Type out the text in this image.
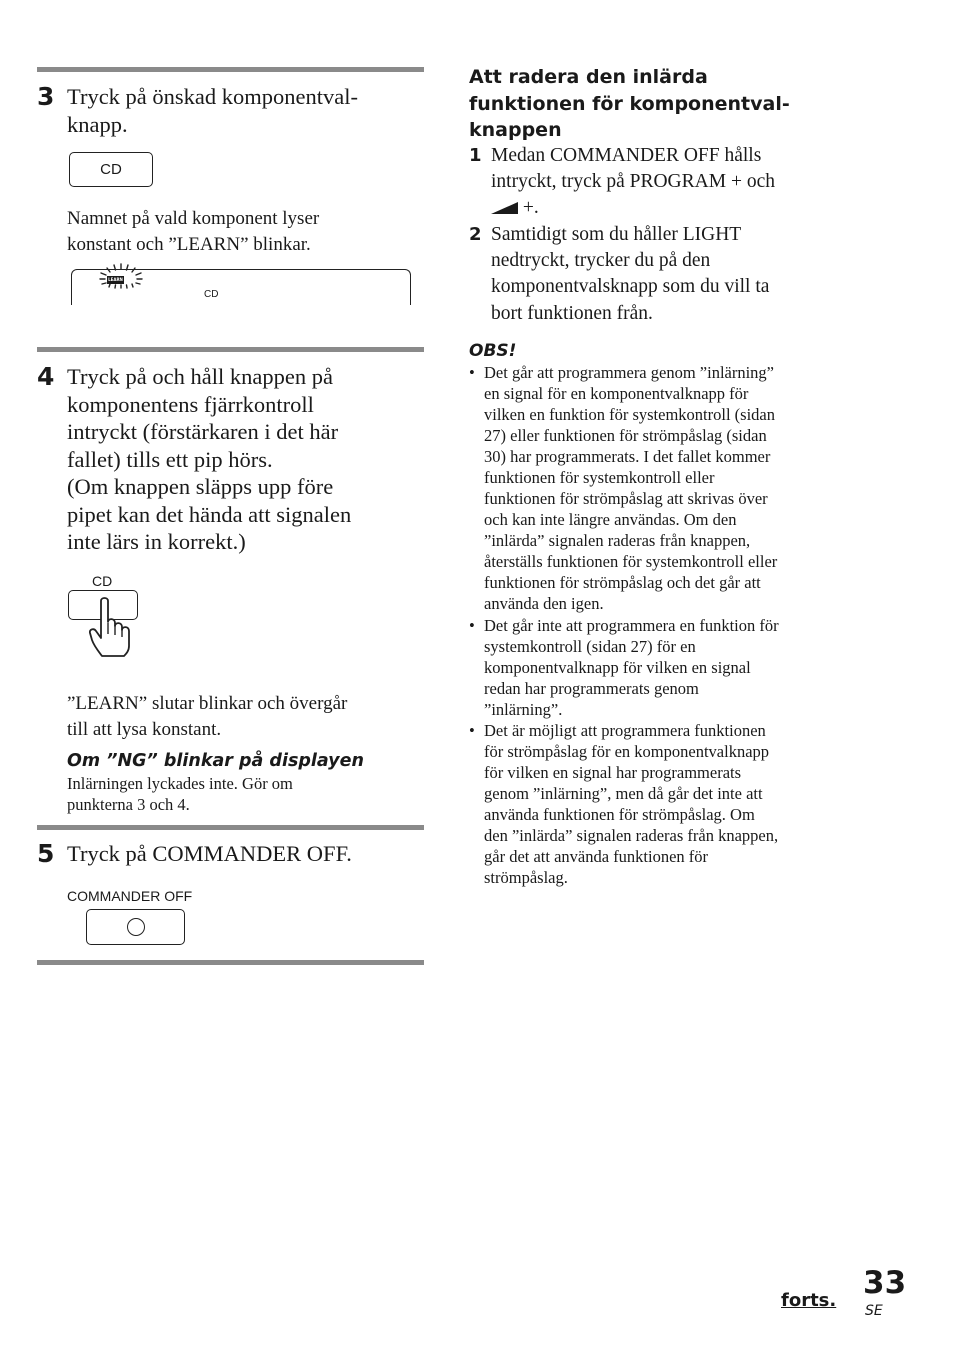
3 Tryck på önskad komponentval-
knapp.
CD
Namnet på vald komponent lyser
konstant och ”LEARN” blinkar.
LEARN
CD
4 Tryck på och håll knappen på
komponentens fjärrkontroll
intryckt (förstärkaren i det här
fallet) tills ett pip hörs.
(Om knappen släpps upp före
pipet kan det hända att signalen
inte lärs in korrekt.)
CD
”LEARN” slutar blinkar och övergår
till att lysa konstant.
Om ”NG” blinkar på displayen
Inlärningen lyckades inte. Gör om
punkterna 3 och 4.
5 Tryck på COMMANDER OFF.
COMMANDER OFF
Att radera den inlärda
funktionen för komponentval-
knappen
1 Medan COMMANDER OFF hålls
intryckt, tryck på PROGRAM + och
+.
2 Samtidigt som du håller LIGHT
nedtryckt, trycker du på den
komponentvalsknapp som du vill ta
bort funktionen från.
OBS!
• Det går att programmera genom ”inlärning”
en signal för en komponentvalknapp för
vilken en funktion för systemkontroll (sidan
27) eller funktionen för strömpåslag (sidan
30) har programmerats. I det fallet kommer
funktionen för systemkontroll eller
funktionen för strömpåslag att skrivas över
och kan inte längre användas. Om den
”inlärda” signalen raderas från knappen,
återställs funktionen för systemkontroll eller
funktionen för strömpåslag och det går att
använda den igen.
• Det går inte att programmera en funktion för
systemkontroll (sidan 27) för en
komponentvalknapp för vilken en signal
redan har programmerats genom
”inlärning”.
• Det är möjligt att programmera funktionen
för strömpåslag för en komponentvalknapp
för vilken en signal har programmerats
genom ”inlärning”, men då går det inte att
använda funktionen för strömpåslag. Om
den ”inlärda” signalen raderas från knappen,
går det att använda funktionen för
strömpåslag.
forts. 33
SE
